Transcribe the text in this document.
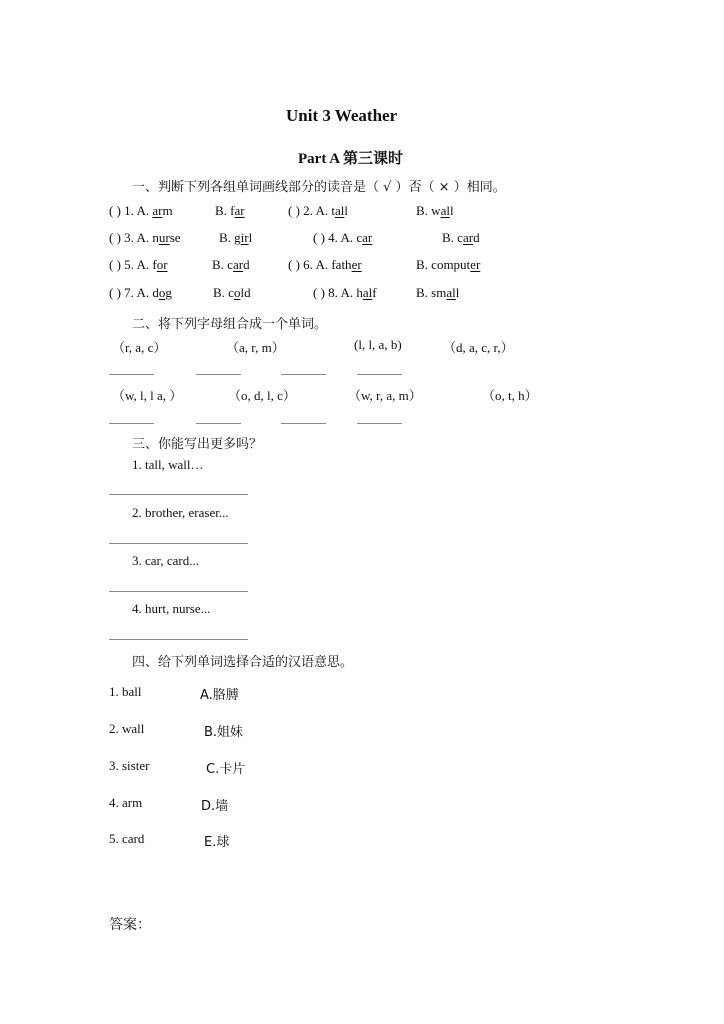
Unit 3 Weather
Part A 第三课时
一、判断下列各组单词画线部分的读音是（ √ ）否（ × ）相同。
( ) 1. A. arm	B. far	( ) 2. A. tall	B. wall
( ) 3. A. nurse	B. girl	( ) 4. A. car	B. card
( ) 5. A. for	B. card	( ) 6. A. father	B. computer
( ) 7. A. dog	B. cold	( ) 8. A. half	B. small
二、将下列字母组合成一个单词。
（r, a, c）	（a, r, m）	(l, l, a, b)	（d, a, c, r,）
（w, l, l a, ）	（o, d, l, c）	（w, r, a, m）	（o, t, h）
三、你能写出更多吗？
1. tall, wall…
2. brother, eraser...
3. car, card...
4. hurt, nurse...
四、给下列单词选择合适的汉语意思。
1. ball	A.胳膊
2. wall	B.姐妹
3. sister	C.卡片
4. arm	D.墙
5. card	E.球
答案：
